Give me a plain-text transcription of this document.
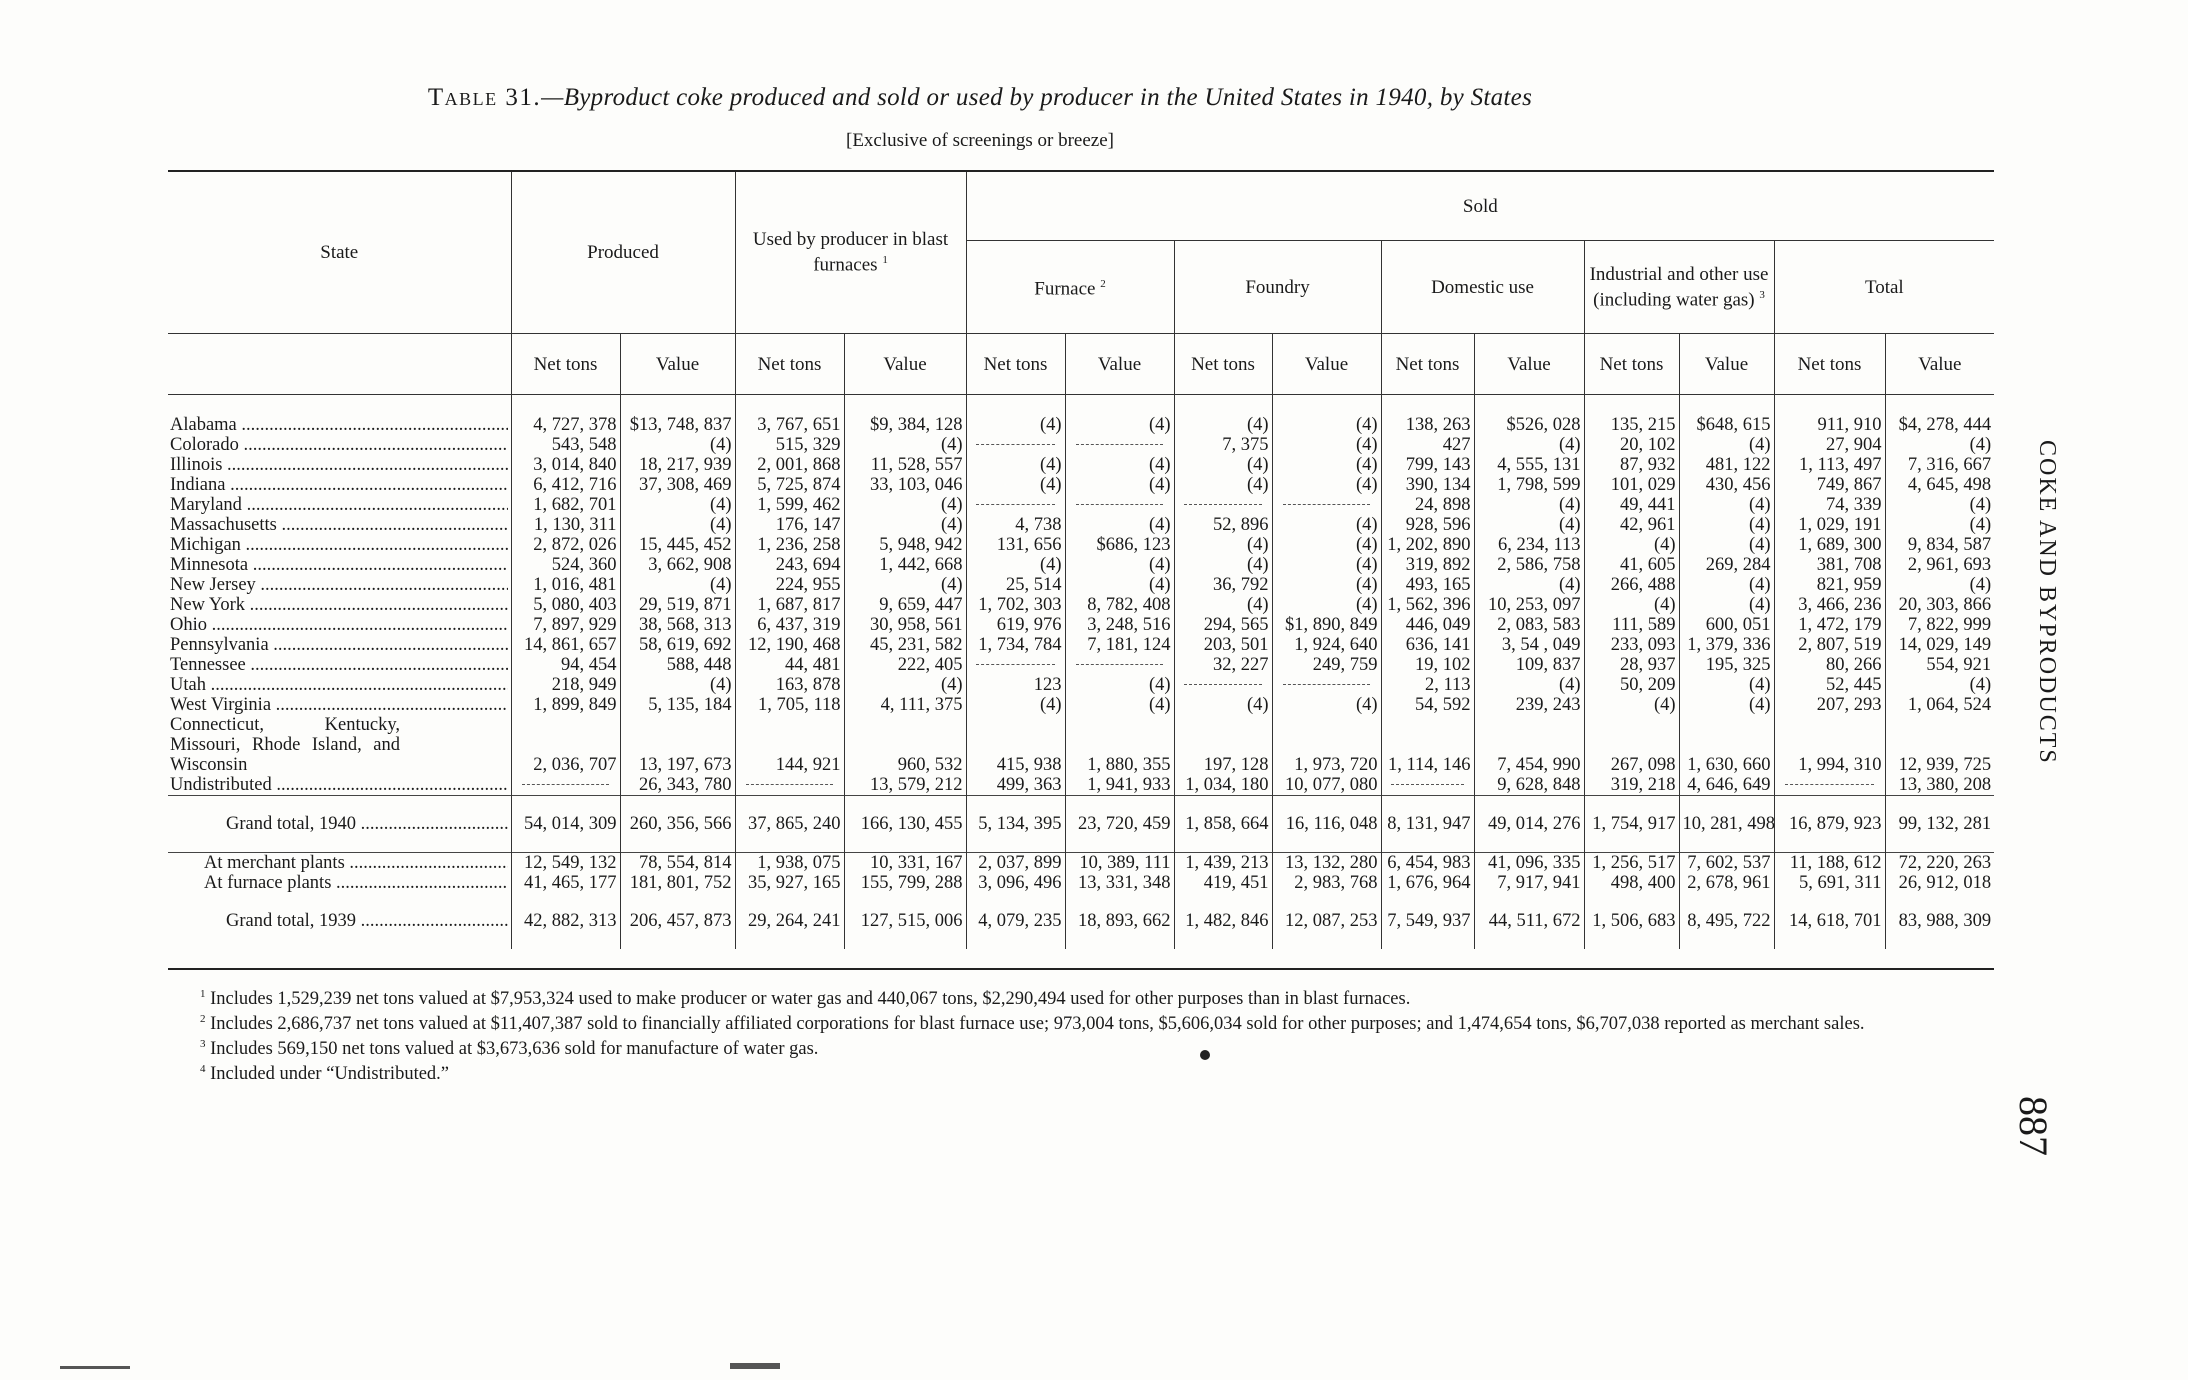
Table 31.—Byproduct coke produced and sold or used by producer in the United States in 1940, by States
[Exclusive of screenings or breeze]
State	Produced		Used by producer in blast furnaces $^1$		Sold									
					Furnace $^2$		Foundry		Domestic use		Industrial and other use (including water gas) $^3$		Total	
	Net tons	Value	Net tons	Value	Net tons	Value	Net tons	Value	Net tons	Value	Net tons	Value	Net tons	Value

Alabama .....	4, 727, 378	$13, 748, 837	3, 767, 651	$9, 384, 128	(4)	(4)	(4)	(4)	138, 263	$526, 028	135, 215	$648, 615	911, 910	$4, 278, 444

Colorado .....	543, 548	(4)	515, 329	(4)			7, 375	(4)	427	(4)	20, 102	(4)	27, 904	(4)

Illinois .....	3, 014, 840	18, 217, 939	2, 001, 868	11, 528, 557	(4)	(4)	(4)	(4)	799, 143	4, 555, 131	87, 932	481, 122	1, 113, 497	7, 316, 667

Indiana .....	6, 412, 716	37, 308, 469	5, 725, 874	33, 103, 046	(4)	(4)	(4)	(4)	390, 134	1, 798, 599	101, 029	430, 456	749, 867	4, 645, 498

Maryland .....	1, 682, 701	(4)	1, 599, 462	(4)					24, 898	(4)	49, 441	(4)	74, 339	(4)

Massachusetts .....	1, 130, 311	(4)	176, 147	(4)	4, 738	(4)	52, 896	(4)	928, 596	(4)	42, 961	(4)	1, 029, 191	(4)

Michigan .....	2, 872, 026	15, 445, 452	1, 236, 258	5, 948, 942	131, 656	$686, 123	(4)	(4)	1, 202, 890	6, 234, 113	(4)	(4)	1, 689, 300	9, 834, 587

Minnesota .....	524, 360	3, 662, 908	243, 694	1, 442, 668	(4)	(4)	(4)	(4)	319, 892	2, 586, 758	41, 605	269, 284	381, 708	2, 961, 693

New Jersey .....	1, 016, 481	(4)	224, 955	(4)	25, 514	(4)	36, 792	(4)	493, 165	(4)	266, 488	(4)	821, 959	(4)

New York .....	5, 080, 403	29, 519, 871	1, 687, 817	9, 659, 447	1, 702, 303	8, 782, 408	(4)	(4)	1, 562, 396	10, 253, 097	(4)	(4)	3, 466, 236	20, 303, 866

Ohio .....	7, 897, 929	38, 568, 313	6, 437, 319	30, 958, 561	619, 976	3, 248, 516	294, 565	$1, 890, 849	446, 049	2, 083, 583	111, 589	600, 051	1, 472, 179	7, 822, 999

Pennsylvania .....	14, 861, 657	58, 619, 692	12, 190, 468	45, 231, 582	1, 734, 784	7, 181, 124	203, 501	1, 924, 640	636, 141	3, 54 , 049	233, 093	1, 379, 336	2, 807, 519	14, 029, 149

Tennessee .....	94, 454	588, 448	44, 481	222, 405			32, 227	249, 759	19, 102	109, 837	28, 937	195, 325	80, 266	554, 921

Utah .....	218, 949	(4)	163, 878	(4)	123	(4)			2, 113	(4)	50, 209	(4)	52, 445	(4)

West Virginia .....	1, 899, 849	5, 135, 184	1, 705, 118	4, 111, 375	(4)	(4)	(4)	(4)	54, 592	239, 243	(4)	(4)	207, 293	1, 064, 524

Connecticut, Kentucky, Missouri, Rhode Island, and Wisconsin	2, 036, 707	13, 197, 673	144, 921	960, 532	415, 938	1, 880, 355	197, 128	1, 973, 720	1, 114, 146	7, 454, 990	267, 098	1, 630, 660	1, 994, 310	12, 939, 725

Undistributed .....		26, 343, 780		13, 579, 212	499, 363	1, 941, 933	1, 034, 180	10, 077, 080		9, 628, 848	319, 218	4, 646, 649		13, 380, 208

Grand total, 1940 .....	54, 014, 309	260, 356, 566	37, 865, 240	166, 130, 455	5, 134, 395	23, 720, 459	1, 858, 664	16, 116, 048	8, 131, 947	49, 014, 276	1, 754, 917	10, 281, 498	16, 879, 923	99, 132, 281

At merchant plants .....	12, 549, 132	78, 554, 814	1, 938, 075	10, 331, 167	2, 037, 899	10, 389, 111	1, 439, 213	13, 132, 280	6, 454, 983	41, 096, 335	1, 256, 517	7, 602, 537	11, 188, 612	72, 220, 263

At furnace plants .....	41, 465, 177	181, 801, 752	35, 927, 165	155, 799, 288	3, 096, 496	13, 331, 348	419, 451	2, 983, 768	1, 676, 964	7, 917, 941	498, 400	2, 678, 961	5, 691, 311	26, 912, 018

Grand total, 1939 .....	42, 882, 313	206, 457, 873	29, 264, 241	127, 515, 006	4, 079, 235	18, 893, 662	1, 482, 846	12, 087, 253	7, 549, 937	44, 511, 672	1, 506, 683	8, 495, 722	14, 618, 701	83, 988, 309

$^1$ Includes 1,529,239 net tons valued at $7,953,324 used to make producer or water gas and 440,067 tons, $2,290,494 used for other purposes than in blast furnaces.
$^2$ Includes 2,686,737 net tons valued at $11,407,387 sold to financially affiliated corporations for blast furnace use; 973,004 tons, $5,606,034 sold for other purposes; and 1,474,654 tons, $6,707,038 reported as merchant sales.
$^3$ Includes 569,150 net tons valued at $3,673,636 sold for manufacture of water gas.
$^4$ Included under “Undistributed.”
COKE AND BYPRODUCTS
887
